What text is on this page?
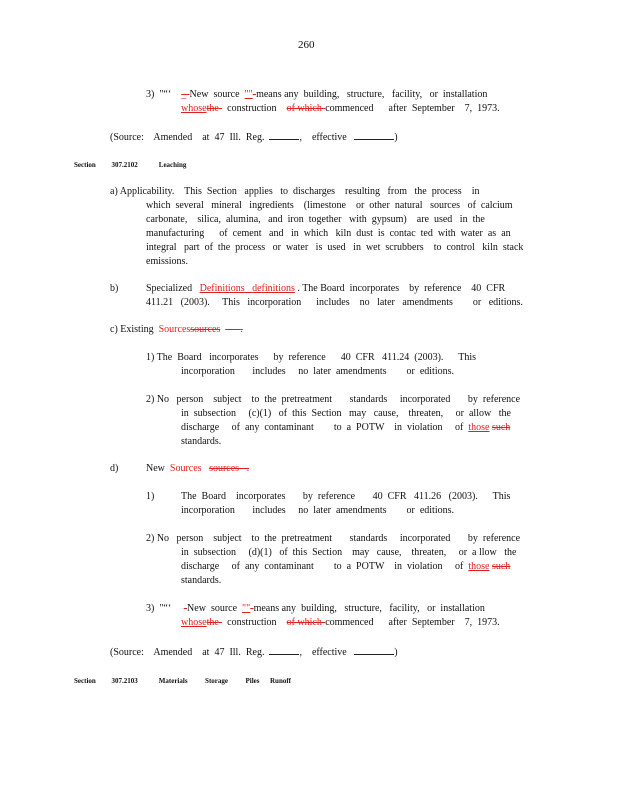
260
3) "“‘ _-New source ""-means any building, structure, facility, or installation
whosethe- construction of which-commenced after September 7, 1973.
(Source: Amended at 47 Ill. Reg.	, effective	)
Section 307.2102	Leaching
a) Applicability.    This  Section   applies   to  discharges    resulting   from   the  process    in
which  several   mineral   ingredients    (limestone    or  other  natural   sources   of  calcium
carbonate,    silica,  alumina,   and  iron  together   with  gypsum)    are  used   in  the
manufacturing      of  cement   and   in  which   kiln  dust  is  contac  ted  with  water  as  an
integral   part  of  the  process   or  water   is  used   in  wet  scrubbers    to  control   kiln  stack
emissions.
b)	Specialized Definitions definitions . The Board  incorporates    by  reference    40  CFR
411.21   (2003).     This   incorporation      includes    no   later   amendments        or   editions.
c) Existing Sourcessources .
1) The  Board   incorporates      by  reference      40  CFR   411.24  (2003).      This
incorporation       includes     no  later  amendments        or  editions.
2) No   person    subject    to  the  pretreatment       standards     incorporated       by  reference
in  subsection     (c)(1)   of  this  Section   may   cause,    threaten,     or  allow   the
discharge     of  any  contaminant        to  a  POTW    in  violation     of those such
standards.
d)	New Sources sources   .
1)	The  Board    incorporates       by  reference       40  CFR   411.26   (2003).      This
incorporation       includes     no  later  amendments        or  editions.
2) No   person    subject    to  the  pretreatment       standards     incorporated       by  reference
in  subsection     (d)(1)   of  this  Section    may   cause,    threaten,     or  a llow   the
discharge     of  any  contaminant        to  a  POTW    in  violation     of those such
standards.
3) "“‘ -New source ""-means any building, structure, facility, or installation
whosethe- construction of which-commenced after September 7, 1973.
(Source: Amended at 47 Ill. Reg.	, effective	)
Section 307.2103	Materials	Storage	Piles Runoff
